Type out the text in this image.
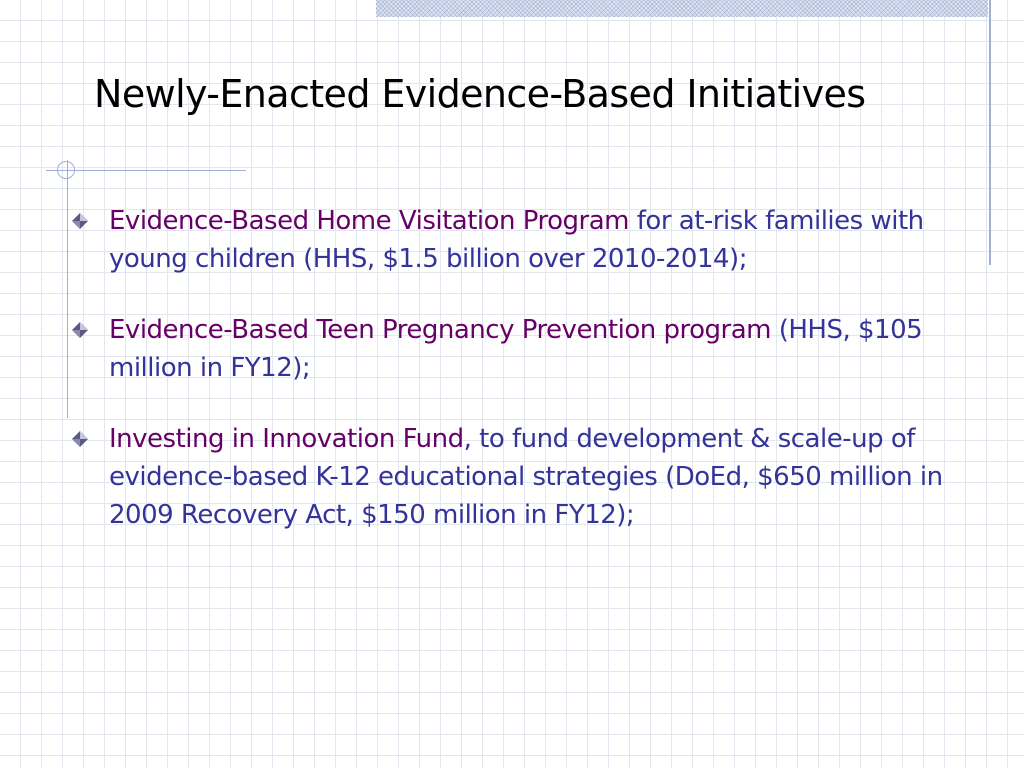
Newly-Enacted Evidence-Based Initiatives
Evidence-Based Home Visitation Program for at-risk families with young children (HHS, $1.5 billion over 2010-2014);
Evidence-Based Teen Pregnancy Prevention program (HHS, $105 million in FY12);
Investing in Innovation Fund, to fund development & scale-up of evidence-based K-12 educational strategies (DoEd, $650 million in 2009 Recovery Act, $150 million in FY12);
